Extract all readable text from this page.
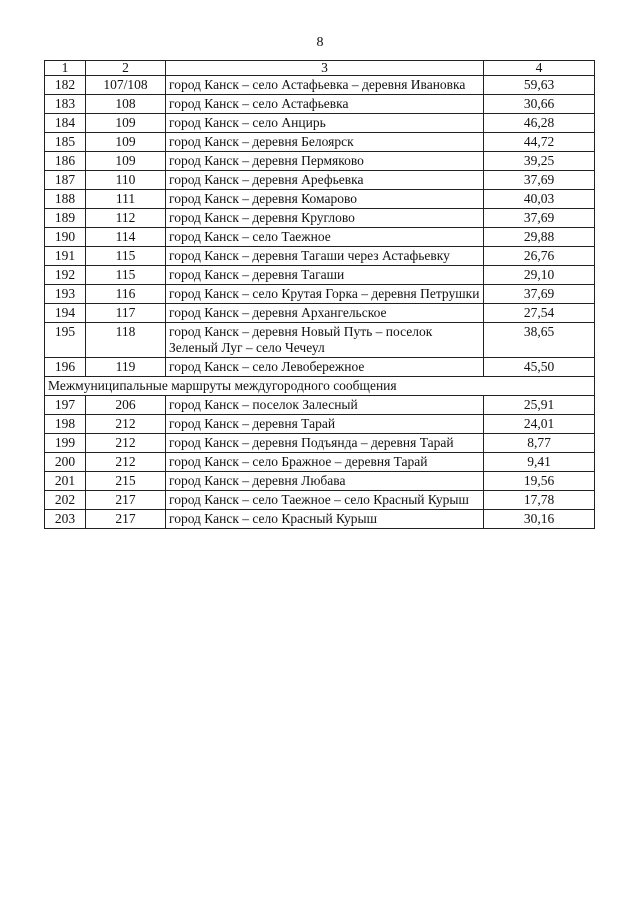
8
1	2	3	4
182	107/108	город Канск – село Астафьевка – деревня Ивановка	59,63
183	108	город Канск – село Астафьевка	30,66
184	109	город Канск – село Анцирь	46,28
185	109	город Канск – деревня Белоярск	44,72
186	109	город Канск – деревня Пермяково	39,25
187	110	город Канск – деревня Арефьевка	37,69
188	111	город Канск – деревня Комарово	40,03
189	112	город Канск – деревня Круглово	37,69
190	114	город Канск – село Таежное	29,88
191	115	город Канск – деревня Тагаши через Астафьевку	26,76
192	115	город Канск – деревня Тагаши	29,10
193	116	город Канск – село Крутая Горка – деревня Петрушки	37,69
194	117	город Канск – деревня Архангельское	27,54
195	118	город Канск – деревня Новый Путь – поселок Зеленый Луг – село Чечеул	38,65
196	119	город Канск – село Левобережное	45,50
Межмуниципальные маршруты междугородного сообщения			
197	206	город Канск – поселок Залесный	25,91
198	212	город Канск – деревня Тарай	24,01
199	212	город Канск – деревня Подъянда – деревня Тарай	8,77
200	212	город Канск – село Бражное – деревня Тарай	9,41
201	215	город Канск – деревня Любава	19,56
202	217	город Канск – село Таежное – село Красный Курыш	17,78
203	217	город Канск – село Красный Курыш	30,16
